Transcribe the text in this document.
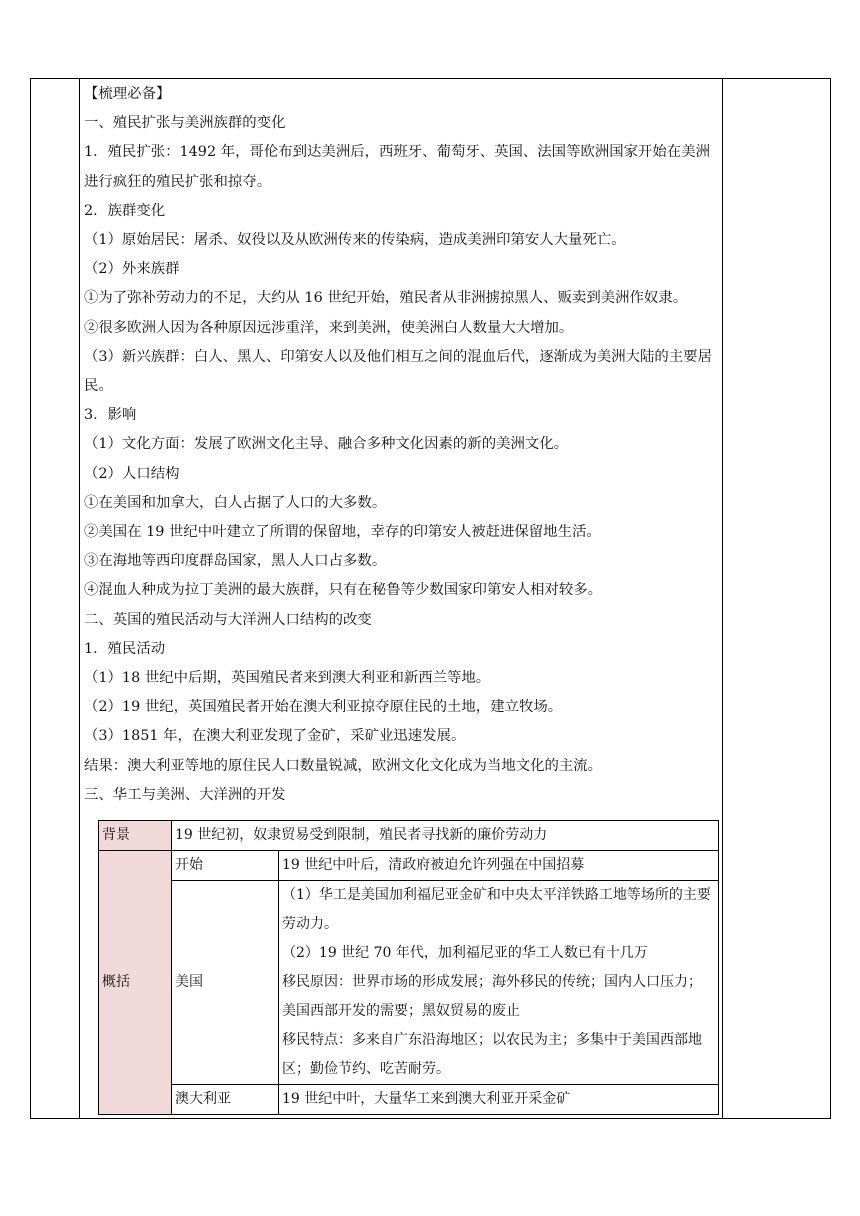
【梳理必备】

一、殖民扩张与美洲族群的变化

1．殖民扩张：1492 年，哥伦布到达美洲后，西班牙、葡萄牙、英国、法国等欧洲国家开始在美洲进行疯狂的殖民扩张和掠夺。

2．族群变化

（1）原始居民：屠杀、奴役以及从欧洲传来的传染病，造成美洲印第安人大量死亡。

（2）外来族群

①为了弥补劳动力的不足，大约从 16 世纪开始，殖民者从非洲掳掠黑人、贩卖到美洲作奴隶。

②很多欧洲人因为各种原因远涉重洋，来到美洲，使美洲白人数量大大增加。

（3）新兴族群：白人、黑人、印第安人以及他们相互之间的混血后代，逐渐成为美洲大陆的主要居民。

3．影响

（1）文化方面：发展了欧洲文化主导、融合多种文化因素的新的美洲文化。

（2）人口结构

①在美国和加拿大，白人占据了人口的大多数。

②美国在 19 世纪中叶建立了所谓的保留地，幸存的印第安人被赶进保留地生活。

③在海地等西印度群岛国家，黑人人口占多数。

④混血人种成为拉丁美洲的最大族群，只有在秘鲁等少数国家印第安人相对较多。

二、英国的殖民活动与大洋洲人口结构的改变

1．殖民活动

（1）18 世纪中后期，英国殖民者来到澳大利亚和新西兰等地。

（2）19 世纪，英国殖民者开始在澳大利亚掠夺原住民的土地，建立牧场。

（3）1851 年，在澳大利亚发现了金矿，采矿业迅速发展。

结果：澳大利亚等地的原住民人口数量锐减，欧洲文化文化成为当地文化的主流。

三、华工与美洲、大洋洲的开发

背景	19 世纪初，奴隶贸易受到限制，殖民者寻找新的廉价劳动力	
概括	开始	19 世纪中叶后，清政府被迫允许列强在中国招募
	美国	（1）华工是美国加利福尼亚金矿和中央太平洋铁路工地等场所的主要劳动力。
（2）19 世纪 70 年代，加利福尼亚的华工人数已有十几万
移民原因：世界市场的形成发展；海外移民的传统；国内人口压力；美国西部开发的需要；黑奴贸易的废止
移民特点：多来自广东沿海地区；以农民为主；多集中于美国西部地区；勤俭节约、吃苦耐劳。

	澳大利亚	19 世纪中叶，大量华工来到澳大利亚开采金矿
